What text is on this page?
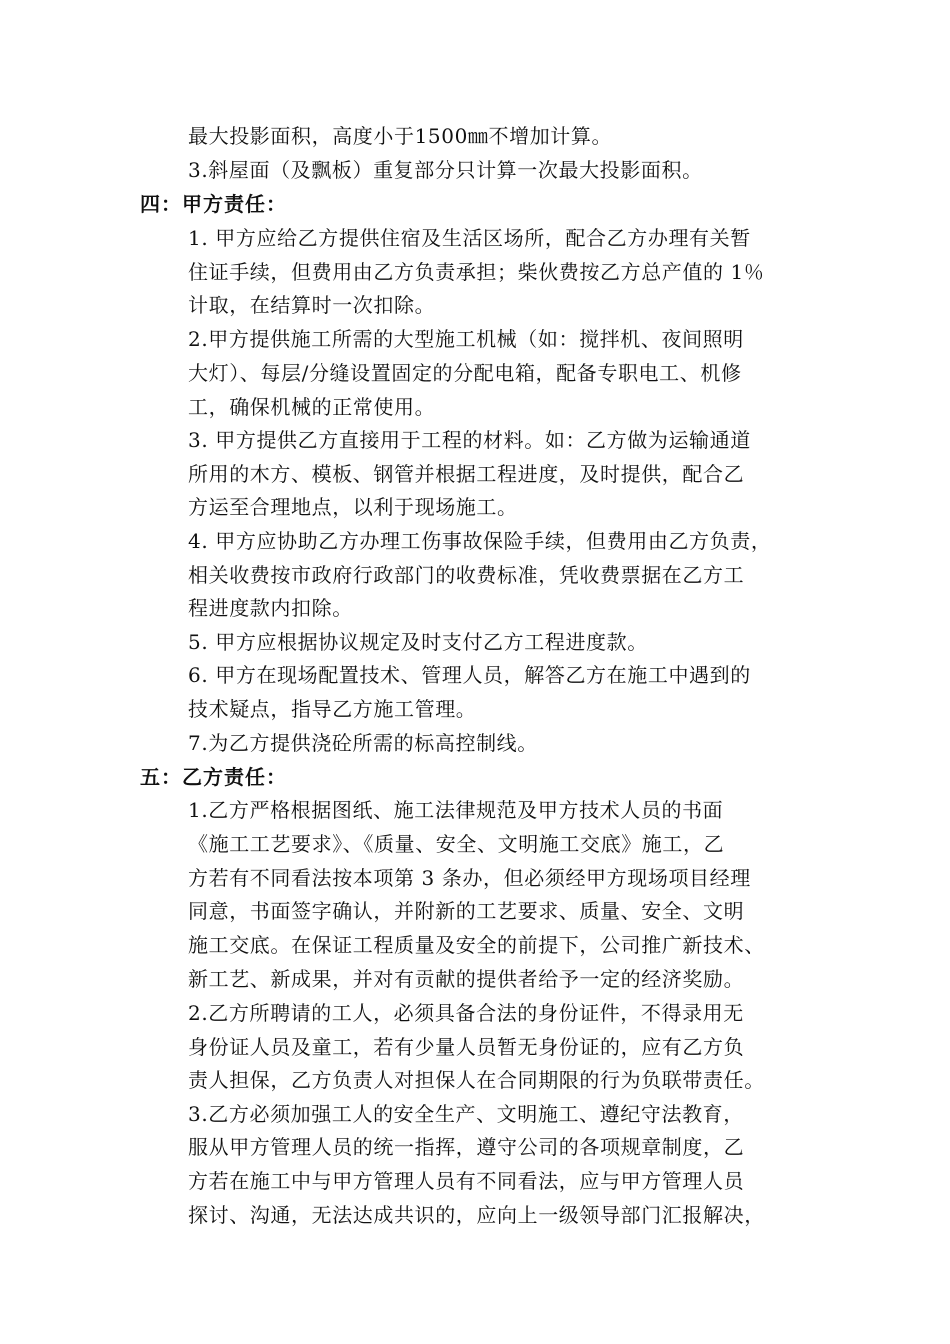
最大投影面积，高度小于1500㎜不增加计算。
3.斜屋面（及飘板）重复部分只计算一次最大投影面积。
四：甲方责任：
1. 甲方应给乙方提供住宿及生活区场所，配合乙方办理有关暂
住证手续，但费用由乙方负责承担；柴伙费按乙方总产值的 1％
计取，在结算时一次扣除。
2.甲方提供施工所需的大型施工机械（如：搅拌机、夜间照明
大灯）、每层/分缝设置固定的分配电箱，配备专职电工、机修
工，确保机械的正常使用。
3. 甲方提供乙方直接用于工程的材料。如：乙方做为运输通道
所用的木方、模板、钢管并根据工程进度，及时提供，配合乙
方运至合理地点，以利于现场施工。
4. 甲方应协助乙方办理工伤事故保险手续，但费用由乙方负责，
相关收费按市政府行政部门的收费标准，凭收费票据在乙方工
程进度款内扣除。
5. 甲方应根据协议规定及时支付乙方工程进度款。
6. 甲方在现场配置技术、管理人员，解答乙方在施工中遇到的
技术疑点，指导乙方施工管理。
7.为乙方提供浇砼所需的标高控制线。
五：乙方责任：
1.乙方严格根据图纸、施工法律规范及甲方技术人员的书面
《施工工艺要求》、《质量、安全、文明施工交底》施工，乙
方若有不同看法按本项第 3 条办，但必须经甲方现场项目经理
同意，书面签字确认，并附新的工艺要求、质量、安全、文明
施工交底。在保证工程质量及安全的前提下，公司推广新技术、
新工艺、新成果，并对有贡献的提供者给予一定的经济奖励。
2.乙方所聘请的工人，必须具备合法的身份证件，不得录用无
身份证人员及童工，若有少量人员暂无身份证的，应有乙方负
责人担保，乙方负责人对担保人在合同期限的行为负联带责任。
3.乙方必须加强工人的安全生产、文明施工、遵纪守法教育，
服从甲方管理人员的统一指挥，遵守公司的各项规章制度，乙
方若在施工中与甲方管理人员有不同看法，应与甲方管理人员
探讨、沟通，无法达成共识的，应向上一级领导部门汇报解决，
